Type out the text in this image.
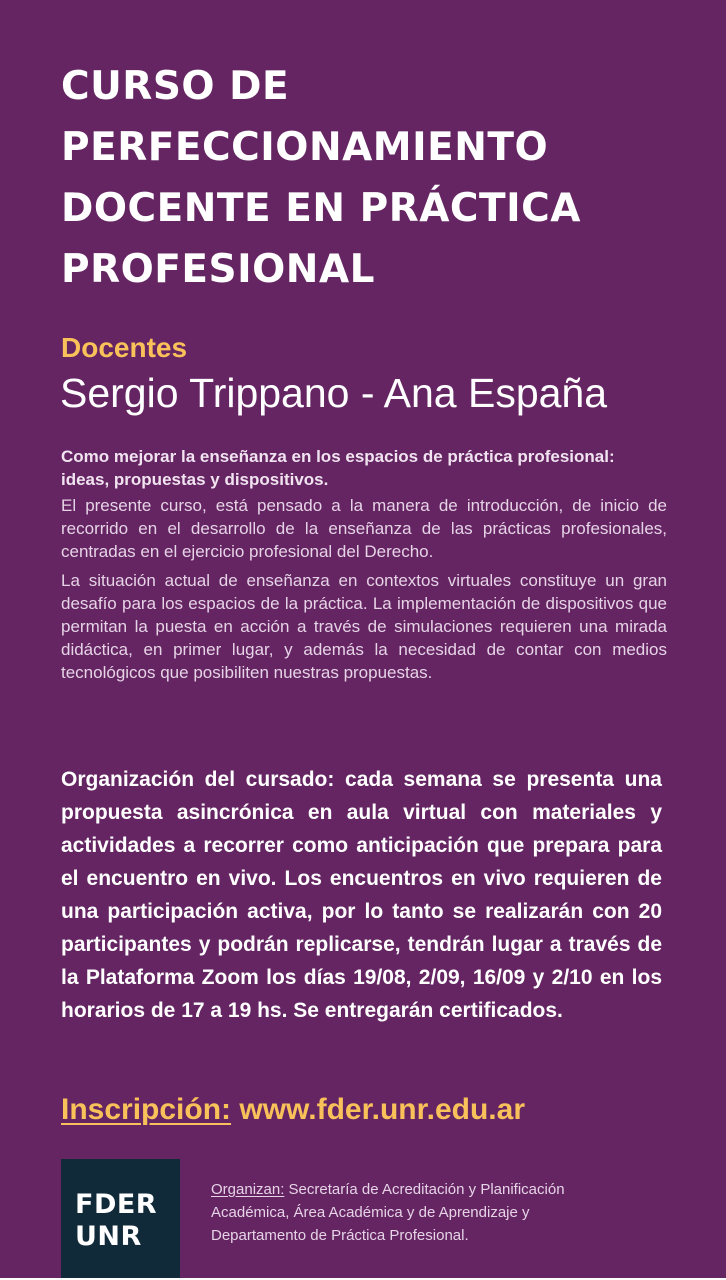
CURSO DE PERFECCIONAMIENTO DOCENTE EN PRÁCTICA PROFESIONAL
Docentes
Sergio Trippano - Ana España

Como mejorar la enseñanza en los espacios de práctica profesional: ideas, propuestas y dispositivos.

El presente curso, está pensado a la manera de introducción, de inicio de recorrido en el desarrollo de la enseñanza de las prácticas profesionales, centradas en el ejercicio profesional del Derecho.

La situación actual de enseñanza en contextos virtuales constituye un gran desafío para los espacios de la práctica. La implementación de dispositivos que permitan la puesta en acción a través de simulaciones requieren una mirada didáctica, en primer lugar, y además la necesidad de contar con medios tecnológicos que posibiliten nuestras propuestas.

Organización del cursado: cada semana se presenta una propuesta asincrónica en aula virtual con materiales y actividades a recorrer como anticipación que prepara para el encuentro en vivo. Los encuentros en vivo requieren de una participación activa, por lo tanto se realizarán con 20 participantes y podrán replicarse, tendrán lugar a través de la Plataforma Zoom los días 19/08, 2/09, 16/09 y 2/10 en los horarios de 17 a 19 hs. Se entregarán certificados.

Inscripción: www.fder.unr.edu.ar
FDER
UNR

Organizan: Secretaría de Acreditación y Planificación Académica, Área Académica y de Aprendizaje y Departamento de Práctica Profesional.
